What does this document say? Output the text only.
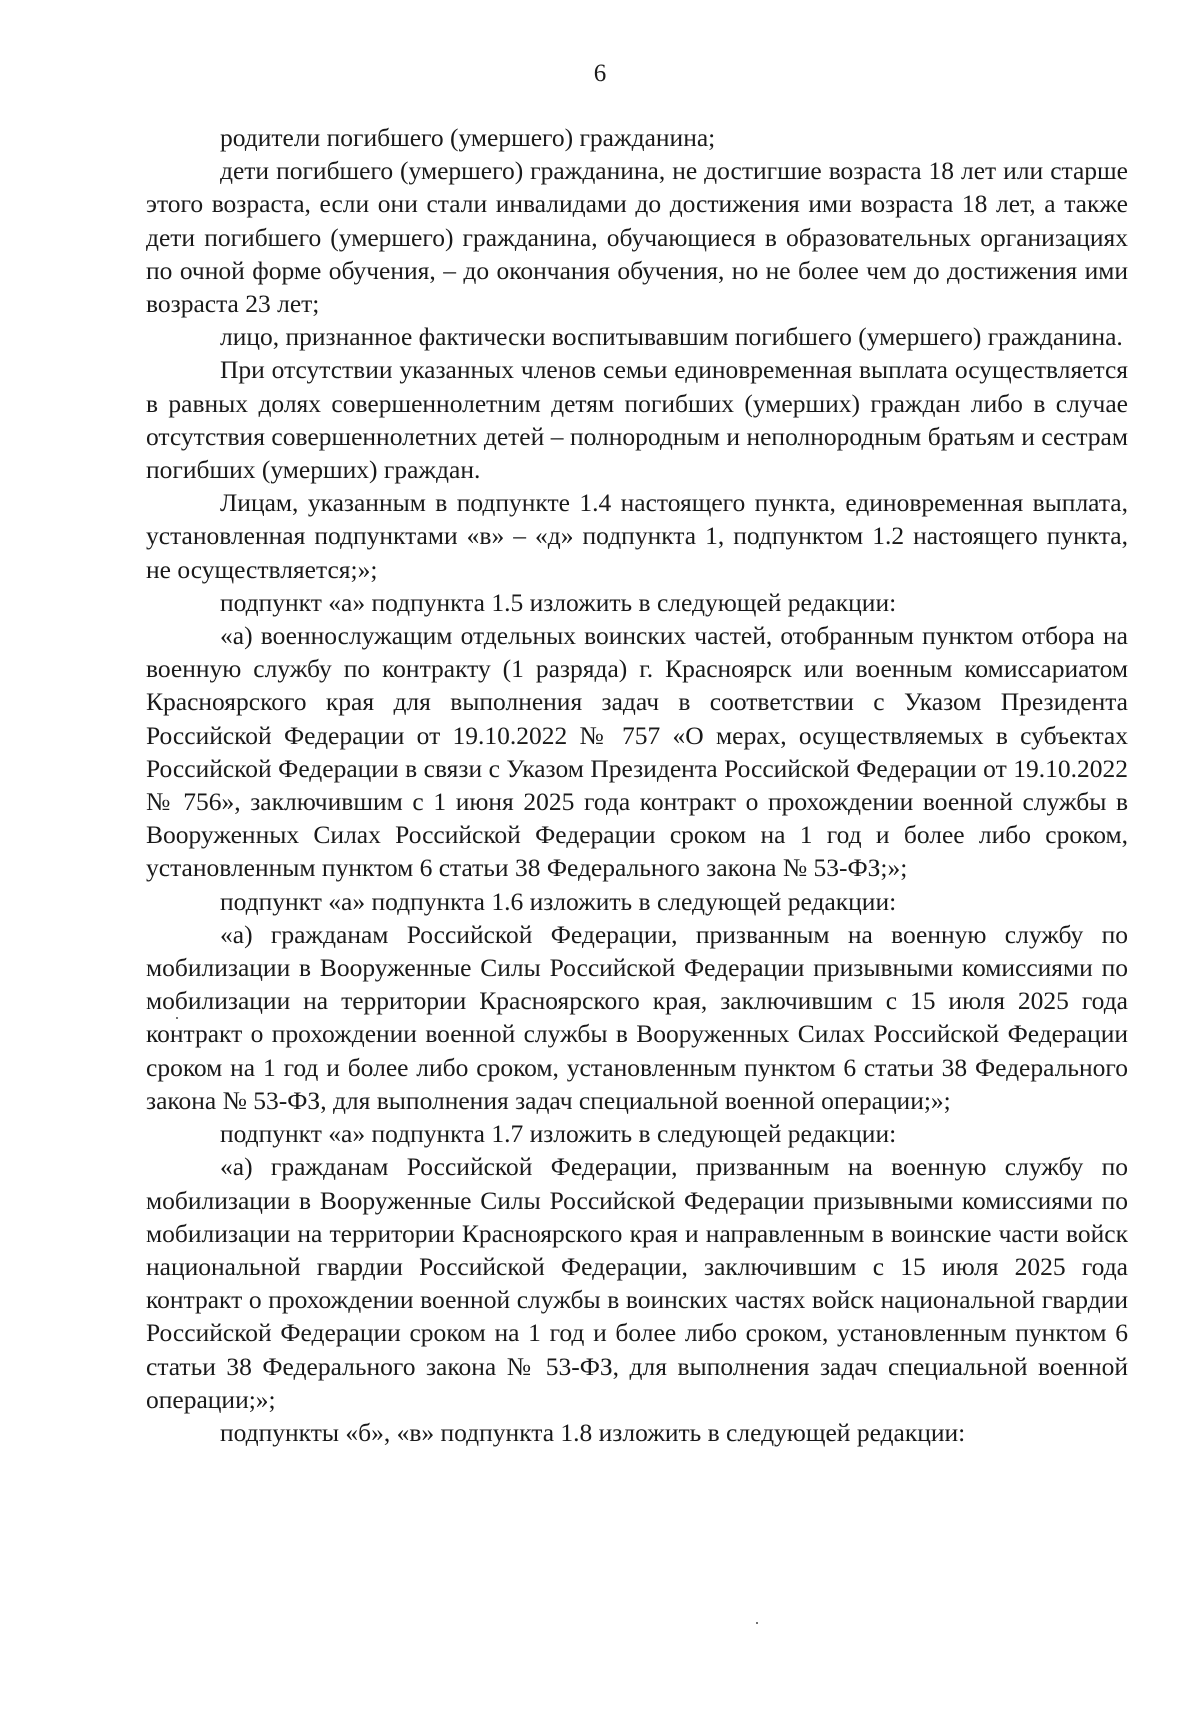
6

родители погибшего (умершего) гражданина;

дети погибшего (умершего) гражданина, не достигшие возраста 18 лет или старше этого возраста, если они стали инвалидами до достижения ими возраста 18 лет, а также дети погибшего (умершего) гражданина, обучающиеся в образовательных организациях по очной форме обучения, – до окончания обучения, но не более чем до достижения ими возраста 23 лет;

лицо, признанное фактически воспитывавшим погибшего (умершего) гражданина.

При отсутствии указанных членов семьи единовременная выплата осуществляется в равных долях совершеннолетним детям погибших (умерших) граждан либо в случае отсутствия совершеннолетних детей – полнородным и неполнородным братьям и сестрам погибших (умерших) граждан.

Лицам, указанным в подпункте 1.4 настоящего пункта, единовременная выплата, установленная подпунктами «в» – «д» подпункта 1, подпунктом 1.2 настоящего пункта, не осуществляется;»;

подпункт «а» подпункта 1.5 изложить в следующей редакции:

«а) военнослужащим отдельных воинских частей, отобранным пунктом отбора на военную службу по контракту (1 разряда) г. Красноярск или военным комиссариатом Красноярского края для выполнения задач в соответствии с Указом Президента Российской Федерации от 19.10.2022 № 757 «О мерах, осуществляемых в субъектах Российской Федерации в связи с Указом Президента Российской Федерации от 19.10.2022 № 756», заключившим с 1 июня 2025 года контракт о прохождении военной службы в Вооруженных Силах Российской Федерации сроком на 1 год и более либо сроком, установленным пунктом 6 статьи 38 Федерального закона № 53-ФЗ;»;

подпункт «а» подпункта 1.6 изложить в следующей редакции:

«а) гражданам Российской Федерации, призванным на военную службу по мобилизации в Вооруженные Силы Российской Федерации призывными комиссиями по мобилизации на территории Красноярского края, заключившим с 15 июля 2025 года контракт о прохождении военной службы в Вооруженных Силах Российской Федерации сроком на 1 год и более либо сроком, установленным пунктом 6 статьи 38 Федерального закона № 53-ФЗ, для выполнения задач специальной военной операции;»;

подпункт «а» подпункта 1.7 изложить в следующей редакции:

«а) гражданам Российской Федерации, призванным на военную службу по мобилизации в Вооруженные Силы Российской Федерации призывными комиссиями по мобилизации на территории Красноярского края и направленным в воинские части войск национальной гвардии Российской Федерации, заключившим с 15 июля 2025 года контракт о прохождении военной службы в воинских частях войск национальной гвардии Российской Федерации сроком на 1 год и более либо сроком, установленным пунктом 6 статьи 38 Федерального закона № 53-ФЗ, для выполнения задач специальной военной операции;»;

подпункты «б», «в» подпункта 1.8 изложить в следующей редакции:
